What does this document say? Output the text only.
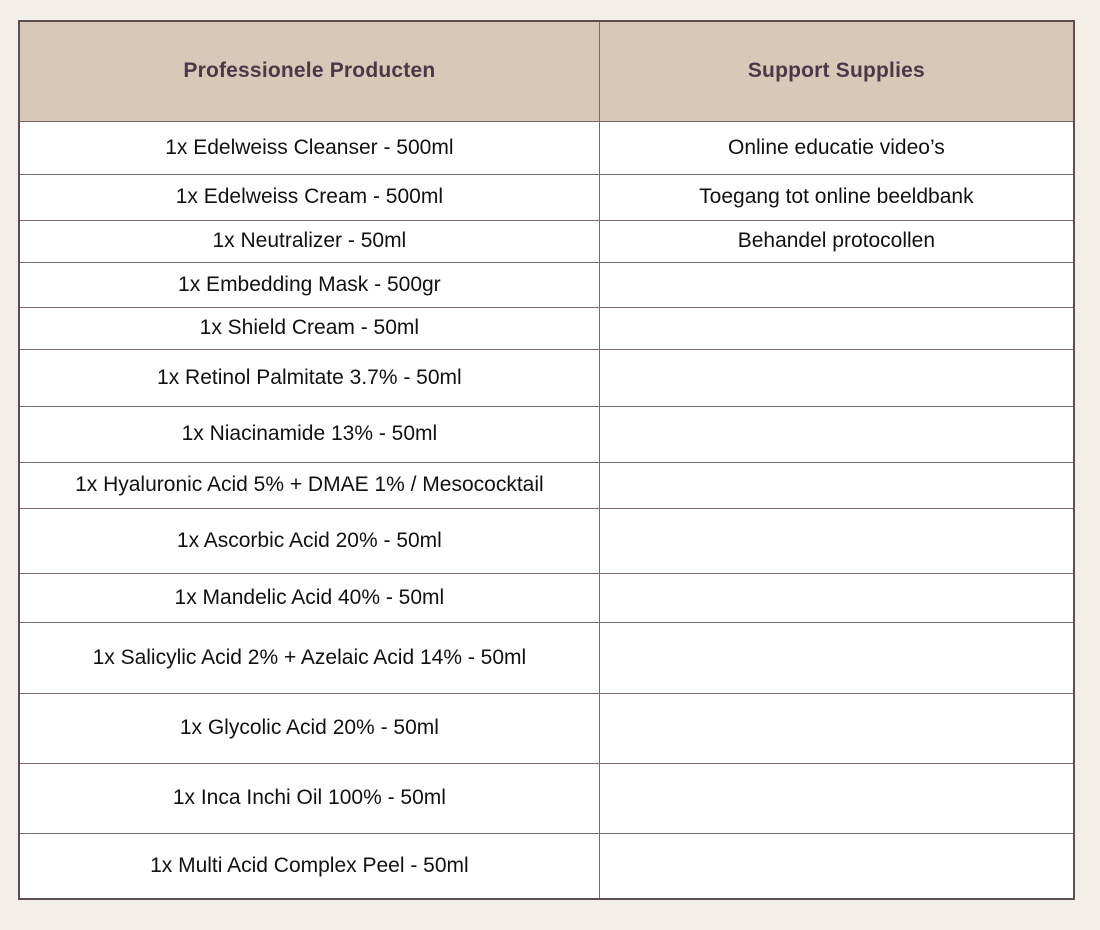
Professionele Producten	Support Supplies
1x Edelweiss Cleanser - 500ml	Online educatie video’s
1x Edelweiss Cream - 500ml	Toegang tot online beeldbank
1x Neutralizer - 50ml	Behandel protocollen
1x Embedding Mask - 500gr	
1x Shield Cream - 50ml	
1x Retinol Palmitate 3.7% - 50ml	
1x Niacinamide 13% - 50ml	
1x Hyaluronic Acid 5% + DMAE 1% / Mesococktail	
1x Ascorbic Acid 20% - 50ml	
1x Mandelic Acid 40% - 50ml	
1x Salicylic Acid 2% + Azelaic Acid 14% - 50ml	
1x Glycolic Acid 20% - 50ml	
1x Inca Inchi Oil 100% - 50ml	
1x Multi Acid Complex Peel - 50ml	
